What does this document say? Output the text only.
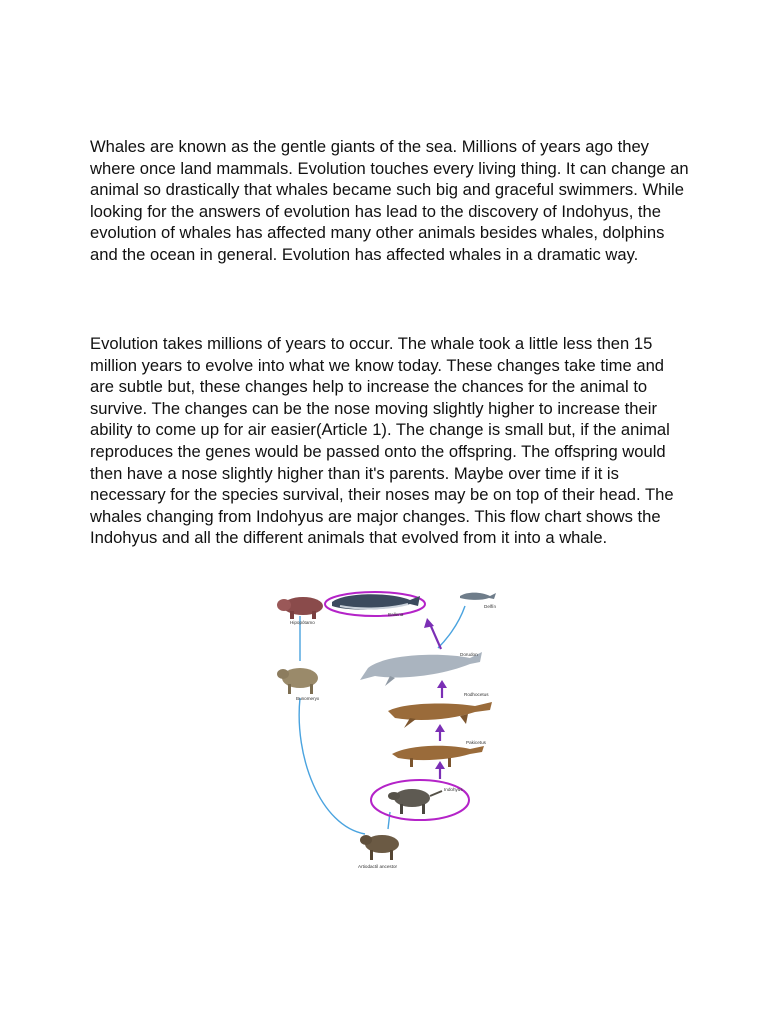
Whales are known as the gentle giants of the sea. Millions of years ago they where once land mammals. Evolution touches every living thing. It can change an animal so drastically that whales became such big and graceful swimmers. While looking for the answers of evolution has lead to the discovery of Indohyus, the evolution of whales has affected many other animals besides whales, dolphins and the ocean in general. Evolution has affected whales in a dramatic way.

Evolution takes millions of years to occur. The whale took a little less then 15 million years to evolve into what we know today. These changes take time and are subtle but, these changes help to increase the chances for the animal to survive. The changes can be the nose moving slightly higher to increase their ability to come up for air easier(Article 1). The change is small but, if the animal reproduces the genes would be passed onto the offspring. The offspring would then have a nose slightly higher than it's parents. Maybe over time if it is necessary for the species survival, their noses may be on top of their head. The whales changing from Indohyus are major changes. This flow chart shows the Indohyus and all the different animals that evolved from it into a whale.

Hipopótamo
Ballena
Delfín
Dorudon
Bunomeryx
Rodhocetus
Pakicetus
Indohyus
Artiodactil ancestor
